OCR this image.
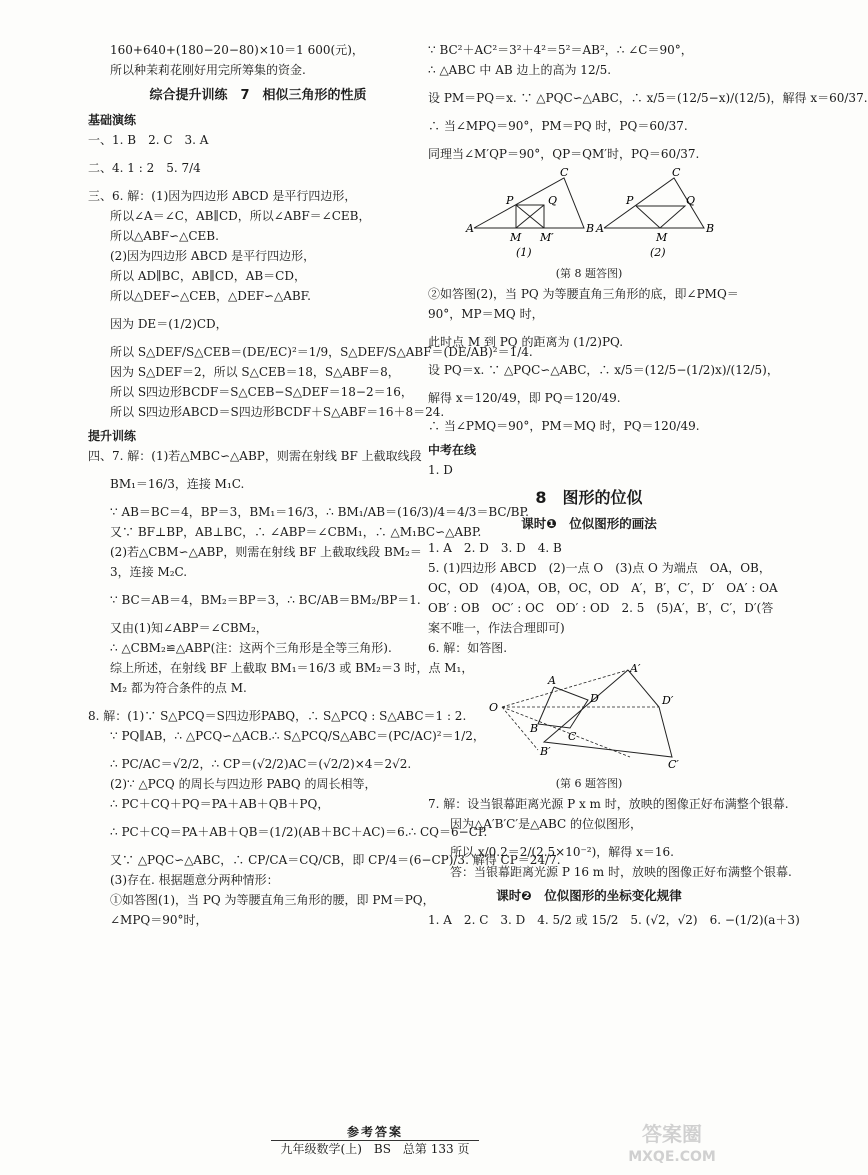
160+640+(180−20−80)×10＝1 600(元)，
所以种茉莉花刚好用完所筹集的资金.
综合提升训练　7　相似三角形的性质
基础演练
一、1. B　2. C　3. A
二、4. 1 : 2　5. 7/4
三、6. 解：(1)因为四边形 ABCD 是平行四边形，
所以∠A＝∠C，AB∥CD，所以∠ABF＝∠CEB，
所以△ABF∽△CEB.
(2)因为四边形 ABCD 是平行四边形，
所以 AD∥BC，AB∥CD，AB＝CD，
所以△DEF∽△CEB，△DEF∽△ABF.
因为 DE＝(1/2)CD，
所以 S△DEF/S△CEB＝(DE/EC)²＝1/9，S△DEF/S△ABF＝(DE/AB)²＝1/4.
因为 S△DEF＝2，所以 S△CEB＝18，S△ABF＝8，
所以 S四边形BCDF＝S△CEB−S△DEF＝18−2＝16，
所以 S四边形ABCD＝S四边形BCDF＋S△ABF＝16＋8＝24.
提升训练
四、7. 解：(1)若△MBC∽△ABP，则需在射线 BF 上截取线段
BM₁＝16/3，连接 M₁C.
∵ AB＝BC＝4，BP＝3，BM₁＝16/3，∴ BM₁/AB＝(16/3)/4＝4/3＝BC/BP.
又∵ BF⊥BP，AB⊥BC，∴ ∠ABP＝∠CBM₁，∴ △M₁BC∽△ABP.
(2)若△CBM∽△ABP，则需在射线 BF 上截取线段 BM₂＝
3，连接 M₂C.
∵ BC＝AB＝4，BM₂＝BP＝3，∴ BC/AB＝BM₂/BP＝1.
又由(1)知∠ABP＝∠CBM₂，
∴ △CBM₂≌△ABP(注：这两个三角形是全等三角形).
综上所述，在射线 BF 上截取 BM₁＝16/3 或 BM₂＝3 时，点 M₁，
M₂ 都为符合条件的点 M.
8. 解：(1)∵ S△PCQ＝S四边形PABQ，∴ S△PCQ : S△ABC＝1 : 2.
∵ PQ∥AB，∴ △PCQ∽△ACB.∴ S△PCQ/S△ABC＝(PC/AC)²＝1/2，
∴ PC/AC＝√2/2，∴ CP＝(√2/2)AC＝(√2/2)×4＝2√2.
(2)∵ △PCQ 的周长与四边形 PABQ 的周长相等，
∴ PC＋CQ＋PQ＝PA＋AB＋QB＋PQ，
∴ PC＋CQ＝PA＋AB＋QB＝(1/2)(AB＋BC＋AC)＝6.∴ CQ＝6−CP.
又∵ △PQC∽△ABC，∴ CP/CA＝CQ/CB，即 CP/4＝(6−CP)/3. 解得 CP＝24/7.
(3)存在. 根据题意分两种情形：
①如答图(1)，当 PQ 为等腰直角三角形的腰，即 PM＝PQ，
∠MPQ＝90°时，
∵ BC²＋AC²＝3²＋4²＝5²＝AB²，∴ ∠C＝90°，
∴ △ABC 中 AB 边上的高为 12/5.
设 PM＝PQ＝x. ∵ △PQC∽△ABC，∴ x/5＝(12/5−x)/(12/5)，解得 x＝60/37.
∴ 当∠MPQ＝90°，PM＝PQ 时，PQ＝60/37.
同理当∠M′QP＝90°，QP＝QM′时，PQ＝60/37.
A	B
C
P	Q
M M′
(1)
A	B
C
P	Q
M
(2)
(第 8 题答图)
②如答图(2)，当 PQ 为等腰直角三角形的底，即∠PMQ＝
90°，MP＝MQ 时，
此时点 M 到 PQ 的距离为 (1/2)PQ.
设 PQ＝x. ∵ △PQC∽△ABC，∴ x/5＝(12/5−(1/2)x)/(12/5)，
解得 x＝120/49，即 PQ＝120/49.
∴ 当∠PMQ＝90°，PM＝MQ 时，PQ＝120/49.
中考在线
1. D
8　图形的位似
课时❶　位似图形的画法
1. A　2. D　3. D　4. B
5. (1)四边形 ABCD　(2)一点 O　(3)点 O 为端点　OA，OB，
OC，OD　(4)OA，OB，OC，OD　A′，B′，C′，D′　OA′ : OA
OB′ : OB　OC′ : OC　OD′ : OD　2. 5　(5)A′，B′，C′，D′(答
案不唯一，作法合理即可)
6. 解：如答图.
O
A
B
C
D
A′
B′
C′
D′
(第 6 题答图)
7. 解：设当银幕距离光源 P x m 时，放映的图像正好布满整个银幕.
因为△A′B′C′是△ABC 的位似图形，
所以 x/0.2＝2/(2.5×10⁻²)，解得 x＝16.
答：当银幕距离光源 P 16 m 时，放映的图像正好布满整个银幕.
课时❷　位似图形的坐标变化规律
1. A　2. C　3. D　4. 5/2 或 15/2　5. (√2，√2)　6. −(1/2)(a＋3)
参考答案
九年级数学(上)　BS　总第 133 页
答案圈
MXQE.COM
